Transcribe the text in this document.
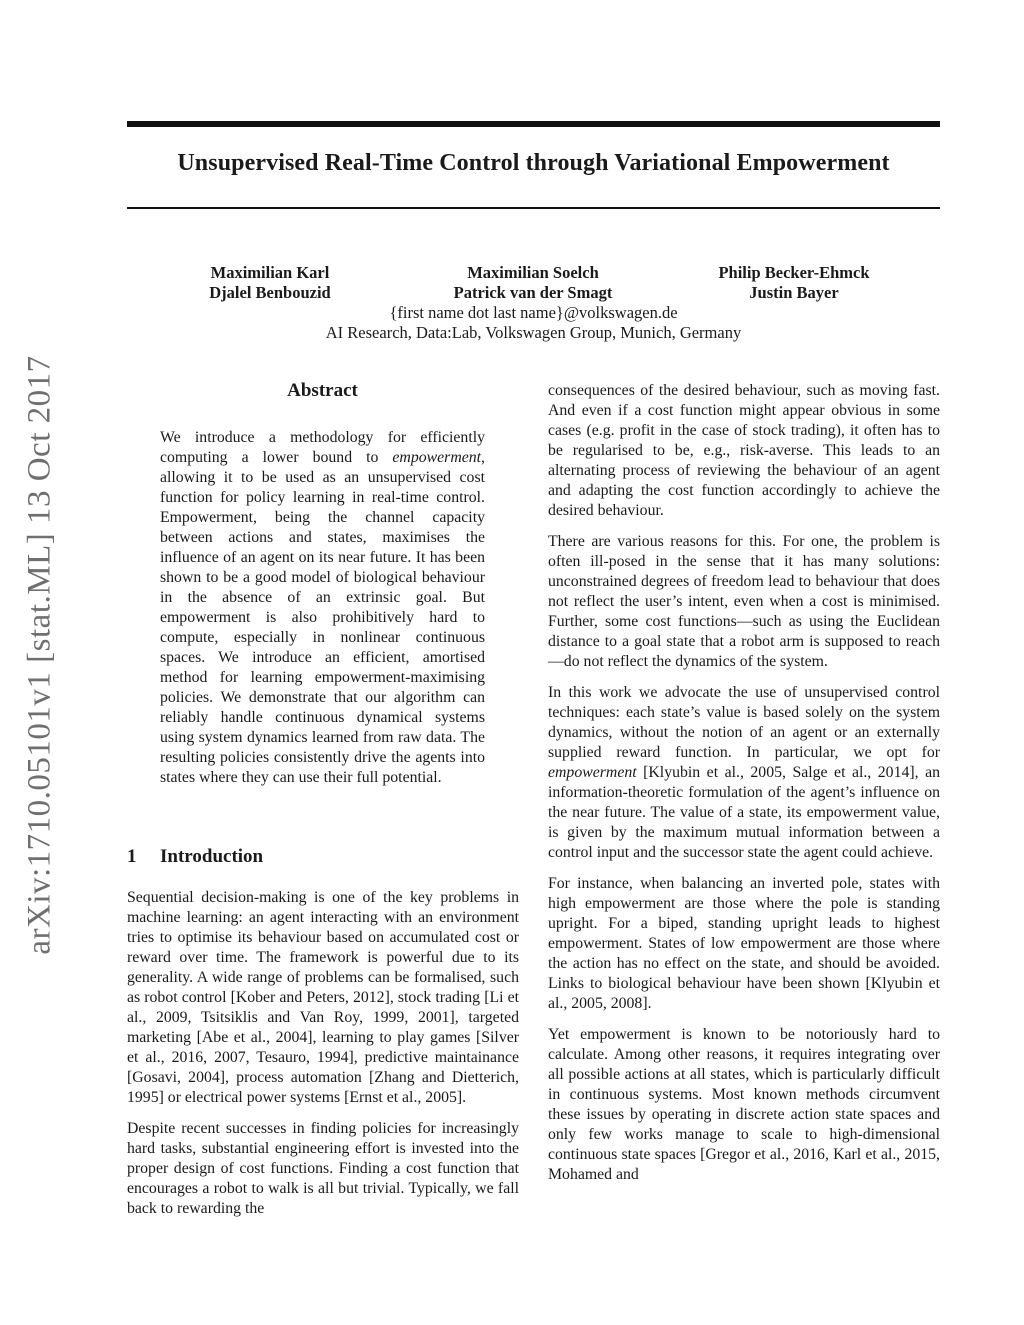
Unsupervised Real-Time Control through Variational Empowerment
arXiv:1710.05101v1 [stat.ML] 13 Oct 2017
Maximilian Karl	Maximilian Soelch	Philip Becker-Ehmck
Djalel Benbouzid	Patrick van der Smagt	Justin Bayer
{first name dot last name}@volkswagen.de
AI Research, Data:Lab, Volkswagen Group, Munich, Germany
Abstract
We introduce a methodology for efficiently computing a lower bound to empowerment, allowing it to be used as an unsupervised cost function for policy learning in real-time control. Empowerment, being the channel capacity between actions and states, maximises the influence of an agent on its near future. It has been shown to be a good model of biological behaviour in the absence of an extrinsic goal. But empowerment is also prohibitively hard to compute, especially in nonlinear continuous spaces. We introduce an efficient, amortised method for learning empowerment-maximising policies. We demonstrate that our algorithm can reliably handle continuous dynamical systems using system dynamics learned from raw data. The resulting policies consistently drive the agents into states where they can use their full potential.
1 Introduction

Sequential decision-making is one of the key problems in machine learning: an agent interacting with an environment tries to optimise its behaviour based on accumulated cost or reward over time. The framework is powerful due to its generality. A wide range of problems can be formalised, such as robot control [Kober and Peters, 2012], stock trading [Li et al., 2009, Tsitsiklis and Van Roy, 1999, 2001], targeted marketing [Abe et al., 2004], learning to play games [Silver et al., 2016, 2007, Tesauro, 1994], predictive maintainance [Gosavi, 2004], process automation [Zhang and Dietterich, 1995] or electrical power systems [Ernst et al., 2005].

Despite recent successes in finding policies for increasingly hard tasks, substantial engineering effort is invested into the proper design of cost functions. Finding a cost function that encourages a robot to walk is all but trivial. Typically, we fall back to rewarding the

consequences of the desired behaviour, such as moving fast. And even if a cost function might appear obvious in some cases (e.g. profit in the case of stock trading), it often has to be regularised to be, e.g., risk-averse. This leads to an alternating process of reviewing the behaviour of an agent and adapting the cost function accordingly to achieve the desired behaviour.

There are various reasons for this. For one, the problem is often ill-posed in the sense that it has many solutions: unconstrained degrees of freedom lead to behaviour that does not reflect the user’s intent, even when a cost is minimised. Further, some cost functions—such as using the Euclidean distance to a goal state that a robot arm is supposed to reach—do not reflect the dynamics of the system.

In this work we advocate the use of unsupervised control techniques: each state’s value is based solely on the system dynamics, without the notion of an agent or an externally supplied reward function. In particular, we opt for empowerment [Klyubin et al., 2005, Salge et al., 2014], an information-theoretic formulation of the agent’s influence on the near future. The value of a state, its empowerment value, is given by the maximum mutual information between a control input and the successor state the agent could achieve.

For instance, when balancing an inverted pole, states with high empowerment are those where the pole is standing upright. For a biped, standing upright leads to highest empowerment. States of low empowerment are those where the action has no effect on the state, and should be avoided. Links to biological behaviour have been shown [Klyubin et al., 2005, 2008].

Yet empowerment is known to be notoriously hard to calculate. Among other reasons, it requires integrating over all possible actions at all states, which is particularly difficult in continuous systems. Most known methods circumvent these issues by operating in discrete action state spaces and only few works manage to scale to high-dimensional continuous state spaces [Gregor et al., 2016, Karl et al., 2015, Mohamed and
